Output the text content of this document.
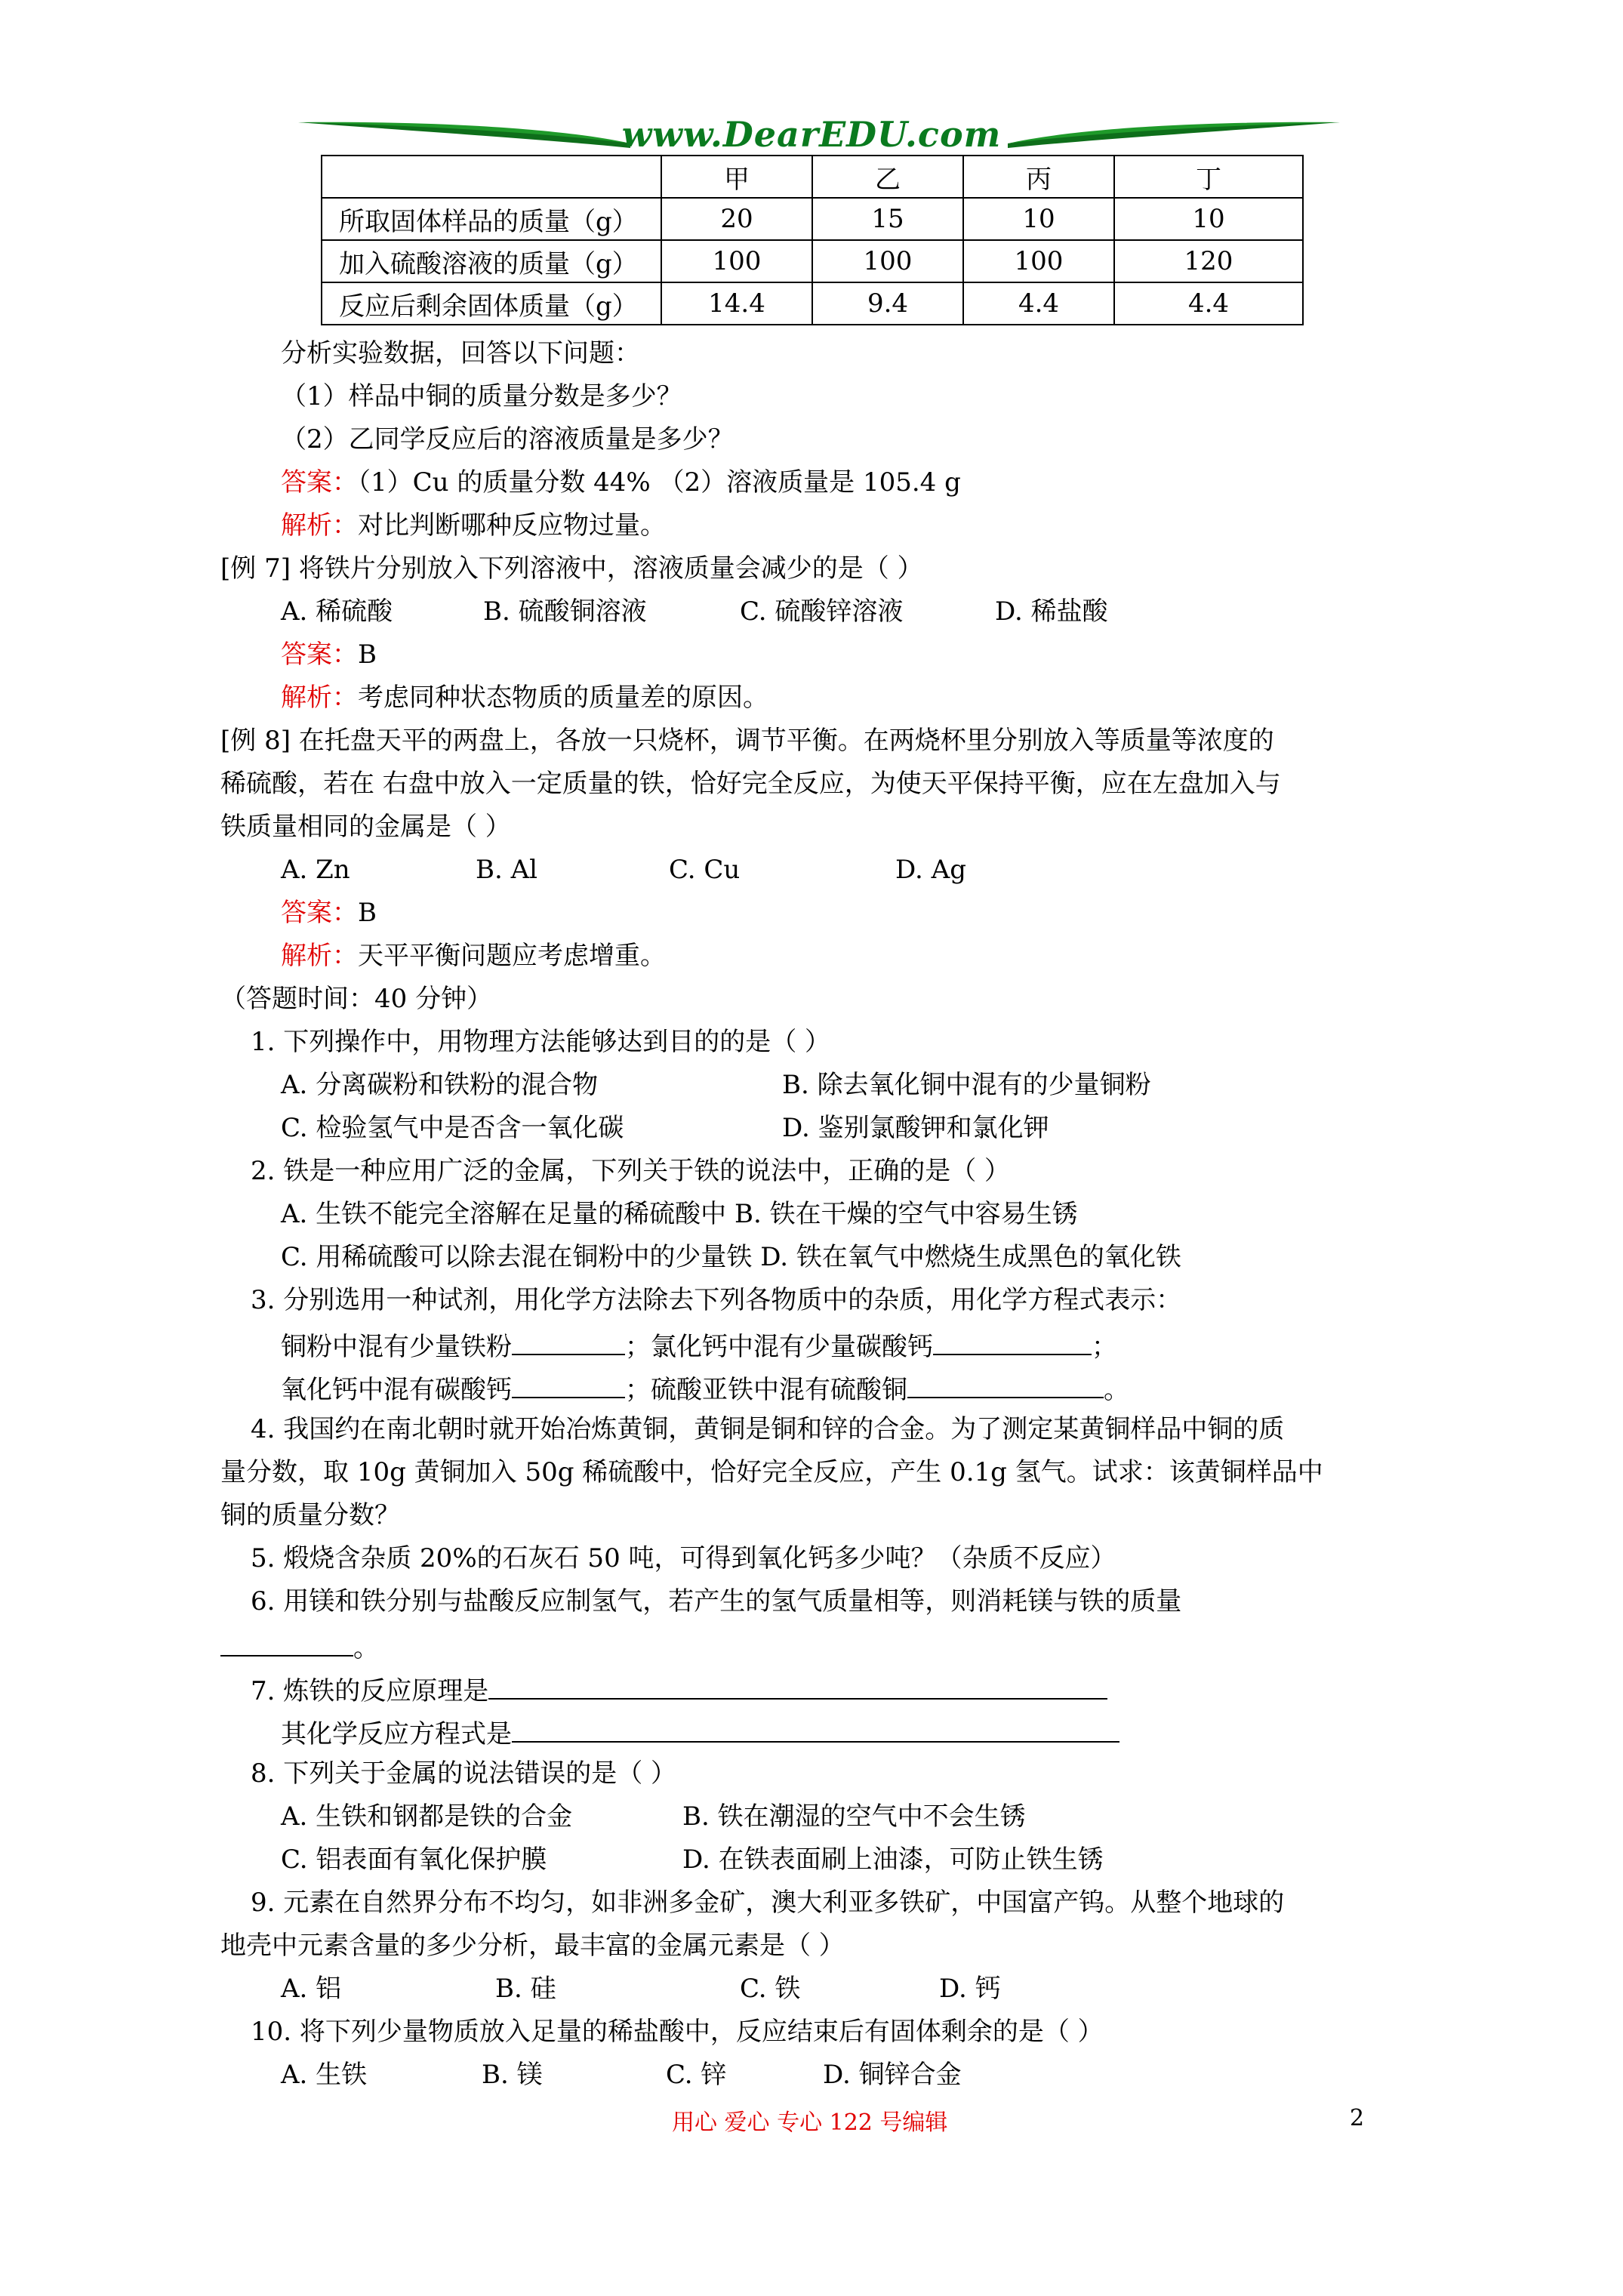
www.DearEDU.com
	甲	乙	丙	丁
所取固体样品的质量（g）	20	15	10	10
加入硫酸溶液的质量（g）	100	100	100	120
反应后剩余固体质量（g）	14.4	9.4	4.4	4.4
分析实验数据，回答以下问题：
（1）样品中铜的质量分数是多少？
（2）乙同学反应后的溶液质量是多少？
答案：（1）Cu 的质量分数 44% （2）溶液质量是 105.4 g
解析：对比判断哪种反应物过量。
[例 7] 将铁片分别放入下列溶液中，溶液质量会减少的是（ ）
A. 稀硫酸	B. 硫酸铜溶液	C. 硫酸锌溶液	D. 稀盐酸
答案：B
解析：考虑同种状态物质的质量差的原因。
[例 8] 在托盘天平的两盘上，各放一只烧杯，调节平衡。在两烧杯里分别放入等质量等浓度的
稀硫酸，若在 右盘中放入一定质量的铁，恰好完全反应，为使天平保持平衡，应在左盘加入与
铁质量相同的金属是（ ）
A. Zn	B. Al	C. Cu	D. Ag
答案：B
解析：天平平衡问题应考虑增重。
（答题时间：40 分钟）
1. 下列操作中，用物理方法能够达到目的的是（ ）
A. 分离碳粉和铁粉的混合物	B. 除去氧化铜中混有的少量铜粉
C. 检验氢气中是否含一氧化碳	D. 鉴别氯酸钾和氯化钾
2. 铁是一种应用广泛的金属，下列关于铁的说法中，正确的是（ ）
A. 生铁不能完全溶解在足量的稀硫酸中 B. 铁在干燥的空气中容易生锈
C. 用稀硫酸可以除去混在铜粉中的少量铁 D. 铁在氧气中燃烧生成黑色的氧化铁
3. 分别选用一种试剂，用化学方法除去下列各物质中的杂质，用化学方程式表示：
铜粉中混有少量铁粉	；氯化钙中混有少量碳酸钙	；
氧化钙中混有碳酸钙	；硫酸亚铁中混有硫酸铜	。
4. 我国约在南北朝时就开始冶炼黄铜，黄铜是铜和锌的合金。为了测定某黄铜样品中铜的质
量分数，取 10g 黄铜加入 50g 稀硫酸中，恰好完全反应，产生 0.1g 氢气。试求：该黄铜样品中
铜的质量分数？
5. 煅烧含杂质 20%的石灰石 50 吨，可得到氧化钙多少吨？（杂质不反应）
6. 用镁和铁分别与盐酸反应制氢气，若产生的氢气质量相等，则消耗镁与铁的质量
。
7. 炼铁的反应原理是
其化学反应方程式是
8. 下列关于金属的说法错误的是（ ）
A. 生铁和钢都是铁的合金	B. 铁在潮湿的空气中不会生锈
C. 铝表面有氧化保护膜	D. 在铁表面刷上油漆，可防止铁生锈
9. 元素在自然界分布不均匀，如非洲多金矿，澳大利亚多铁矿，中国富产钨。从整个地球的
地壳中元素含量的多少分析，最丰富的金属元素是（ ）
A. 铝	B. 硅	C. 铁	D. 钙
10. 将下列少量物质放入足量的稀盐酸中，反应结束后有固体剩余的是（ ）
A. 生铁	B. 镁	C. 锌	D. 铜锌合金
用心 爱心 专心 122 号编辑	2
